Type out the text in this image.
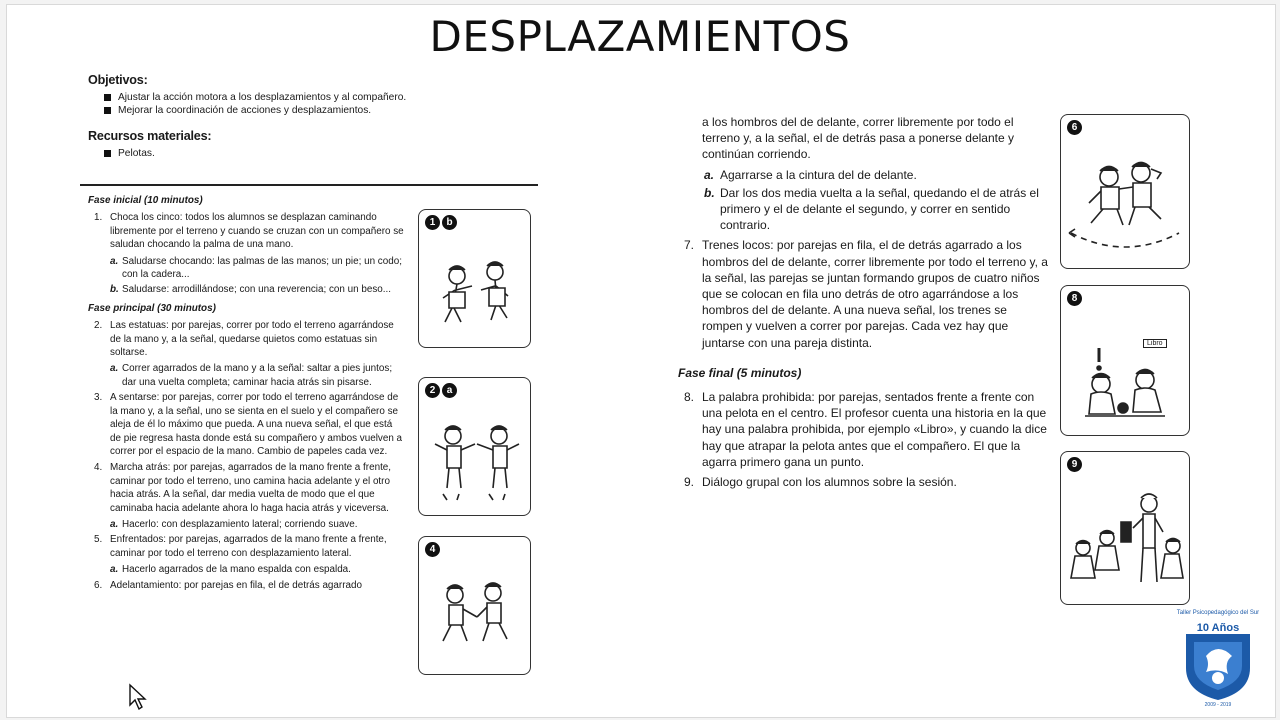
DESPLAZAMIENTOS
Objetivos:
Ajustar la acción motora a los desplazamientos y al compañero.
Mejorar la coordinación de acciones y desplazamientos.
Recursos materiales:
Pelotas.
Fase inicial (10 minutos)
1. Choca los cinco: todos los alumnos se desplazan caminando libremente por el terreno y cuando se cruzan con un compañero se saludan chocando la palma de una mano.
a. Saludarse chocando: las palmas de las manos; un pie; un codo; con la cadera...
b. Saludarse: arrodillándose; con una reverencia; con un beso...
Fase principal (30 minutos)
2. Las estatuas: por parejas, correr por todo el terreno agarrándose de la mano y, a la señal, quedarse quietos como estatuas sin soltarse.
a. Correr agarrados de la mano y a la señal: saltar a pies juntos; dar una vuelta completa; caminar hacia atrás sin pisarse.
3. A sentarse: por parejas, correr por todo el terreno agarrándose de la mano y, a la señal, uno se sienta en el suelo y el compañero se aleja de él lo máximo que pueda. A una nueva señal, el que está de pie regresa hasta donde está su compañero y ambos vuelven a correr por el espacio de la mano. Cambio de papeles cada vez.
4. Marcha atrás: por parejas, agarrados de la mano frente a frente, caminar por todo el terreno, uno camina hacia adelante y el otro hacia atrás. A la señal, dar media vuelta de modo que el que caminaba hacia adelante ahora lo haga hacia atrás y viceversa.
a. Hacerlo: con desplazamiento lateral; corriendo suave.
5. Enfrentados: por parejas, agarrados de la mano frente a frente, caminar por todo el terreno con desplazamiento lateral.
a. Hacerlo agarrados de la mano espalda con espalda.
6. Adelantamiento: por parejas en fila, el de detrás agarrado
1	b
2	a
4
a los hombros del de delante, correr libremente por todo el terreno y, a la señal, el de detrás pasa a ponerse delante y continúan corriendo.
a. Agarrarse a la cintura del de delante.
b. Dar los dos media vuelta a la señal, quedando el de atrás el primero y el de delante el segundo, y correr en sentido contrario.
7. Trenes locos: por parejas en fila, el de detrás agarrado a los hombros del de delante, correr libremente por todo el terreno y, a la señal, las parejas se juntan formando grupos de cuatro niños que se colocan en fila uno detrás de otro agarrándose a los hombros del de delante. A una nueva señal, los trenes se rompen y vuelven a correr por parejas. Cada vez hay que juntarse con una pareja distinta.
Fase final (5 minutos)
8. La palabra prohibida: por parejas, sentados frente a frente con una pelota en el centro. El profesor cuenta una historia en la que hay una palabra prohibida, por ejemplo «Libro», y cuando la dice hay que atrapar la pelota antes que el compañero. El que la agarra primero gana un punto.
9. Diálogo grupal con los alumnos sobre la sesión.
6
8
Libro
9
Taller Psicopedagógico del Sur
10 Años
2009 - 2019
